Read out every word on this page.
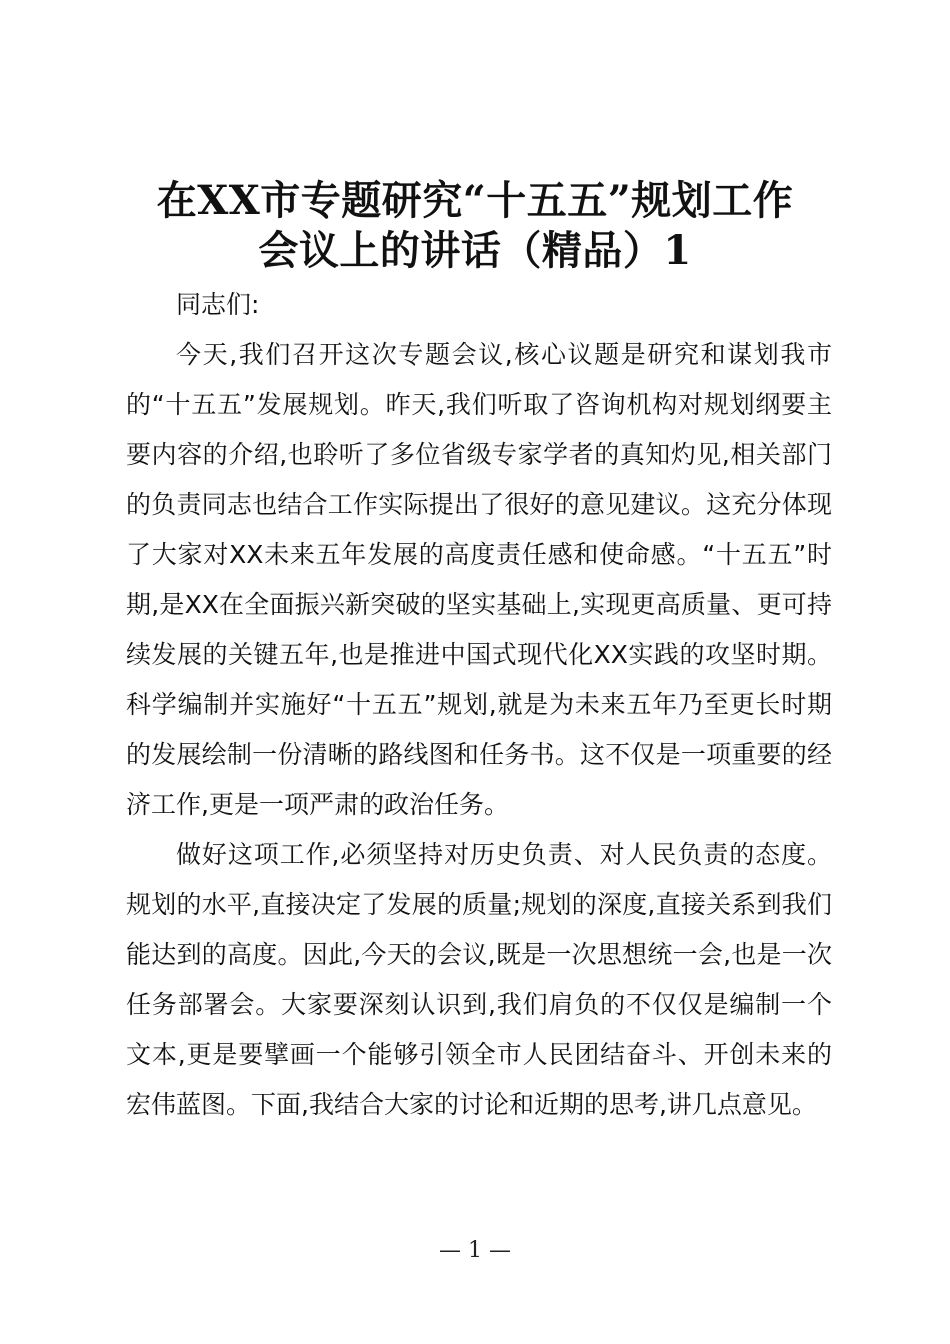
在XX市专题研究“十五五”规划工作
会议上的讲话（精品）1

同志们:

今天,我们召开这次专题会议,核心议题是研究和谋划我市的“十五五”发展规划。昨天,我们听取了咨询机构对规划纲要主要内容的介绍,也聆听了多位省级专家学者的真知灼见,相关部门的负责同志也结合工作实际提出了很好的意见建议。这充分体现了大家对XX未来五年发展的高度责任感和使命感。“十五五”时期,是XX在全面振兴新突破的坚实基础上,实现更高质量、更可持续发展的关键五年,也是推进中国式现代化XX实践的攻坚时期。科学编制并实施好“十五五”规划,就是为未来五年乃至更长时期的发展绘制一份清晰的路线图和任务书。这不仅是一项重要的经济工作,更是一项严肃的政治任务。

做好这项工作,必须坚持对历史负责、对人民负责的态度。规划的水平,直接决定了发展的质量;规划的深度,直接关系到我们能达到的高度。因此,今天的会议,既是一次思想统一会,也是一次任务部署会。大家要深刻认识到,我们肩负的不仅仅是编制一个文本,更是要擘画一个能够引领全市人民团结奋斗、开创未来的宏伟蓝图。下面,我结合大家的讨论和近期的思考,讲几点意见。

— 1 —
